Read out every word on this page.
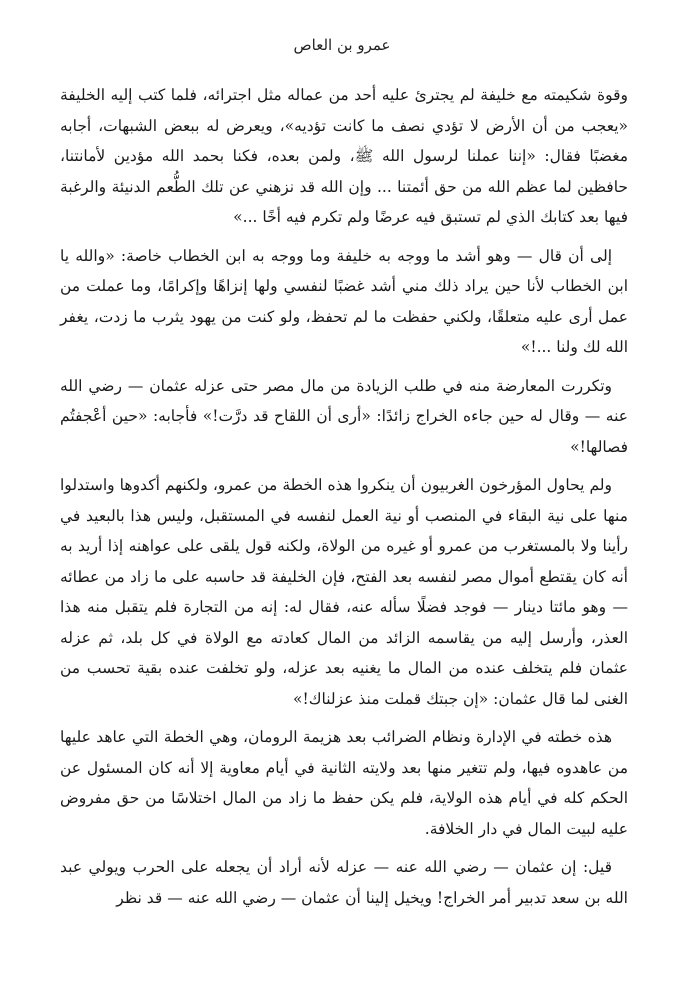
عمرو بن العاص

وقوة شكيمته مع خليفة لم يجترئ عليه أحد من عماله مثل اجترائه، فلما كتب إليه الخليفة «يعجب من أن الأرض لا تؤدي نصف ما كانت تؤديه»، ويعرض له ببعض الشبهات، أجابه مغضبًا فقال: «إننا عملنا لرسول الله ﷺ، ولمن بعده، فكنا بحمد الله مؤدين لأمانتنا، حافظين لما عظم الله من حق أئمتنا ... وإن الله قد نزهني عن تلك الطُّعم الدنيئة والرغبة فيها بعد كتابك الذي لم تستبق فيه عرضًا ولم تكرم فيه أخًا ...»

إلى أن قال — وهو أشد ما ووجه به خليفة وما ووجه به ابن الخطاب خاصة: «والله يا ابن الخطاب لأنا حين يراد ذلك مني أشد غضبًا لنفسي ولها إنزاهًا وإكرامًا، وما عملت من عمل أرى عليه متعلقًا، ولكني حفظت ما لم تحفظ، ولو كنت من يهود يثرب ما زدت، يغفر الله لك ولنا ...!»

وتكررت المعارضة منه في طلب الزيادة من مال مصر حتى عزله عثمان — رضي الله عنه — وقال له حين جاءه الخراج زائدًا: «أرى أن اللقاح قد درَّت!» فأجابه: «حين أعْجفتُم فصالها!»

ولم يحاول المؤرخون الغربيون أن ينكروا هذه الخطة من عمرو، ولكنهم أكدوها واستدلوا منها على نية البقاء في المنصب أو نية العمل لنفسه في المستقبل، وليس هذا بالبعيد في رأينا ولا بالمستغرب من عمرو أو غيره من الولاة، ولكنه قول يلقى على عواهنه إذا أريد به أنه كان يقتطع أموال مصر لنفسه بعد الفتح، فإن الخليفة قد حاسبه على ما زاد من عطائه — وهو مائتا دينار — فوجد فضلًا سأله عنه، فقال له: إنه من التجارة فلم يتقبل منه هذا العذر، وأرسل إليه من يقاسمه الزائد من المال كعادته مع الولاة في كل بلد، ثم عزله عثمان فلم يتخلف عنده من المال ما يغنيه بعد عزله، ولو تخلفت عنده بقية تحسب من الغنى لما قال عثمان: «إن جبتك قملت منذ عزلناك!»

هذه خطته في الإدارة ونظام الضرائب بعد هزيمة الرومان، وهي الخطة التي عاهد عليها من عاهدوه فيها، ولم تتغير منها بعد ولايته الثانية في أيام معاوية إلا أنه كان المسئول عن الحكم كله في أيام هذه الولاية، فلم يكن حفظ ما زاد من المال اختلاسًا من حق مفروض عليه لبيت المال في دار الخلافة.

قيل: إن عثمان — رضي الله عنه — عزله لأنه أراد أن يجعله على الحرب ويولي عبد الله بن سعد تدبير أمر الخراج! ويخيل إلينا أن عثمان — رضي الله عنه — قد نظر
